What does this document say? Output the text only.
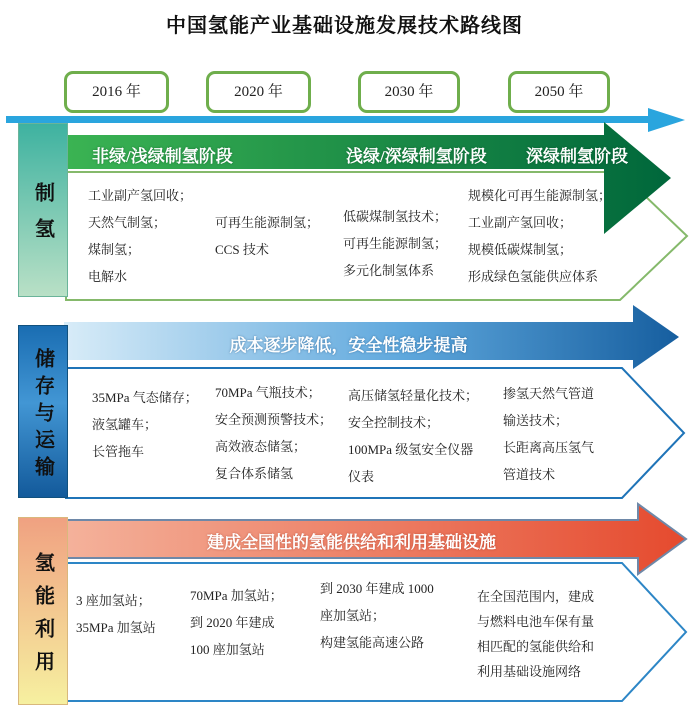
中国氢能产业基础设施发展技术路线图
2016 年	2020 年	2030 年	2050 年
制氢
储存与运输
氢能利用
非绿/浅绿制氢阶段	浅绿/深绿制氢阶段 深绿制氢阶段
成本逐步降低，安全性稳步提高
建成全国性的氢能供给和利用基础设施
工业副产氢回收；
天然气制氢；
煤制氢；
电解水
可再生能源制氢；
CCS 技术
低碳煤制氢技术；
可再生能源制氢；
多元化制氢体系
规模化可再生能源制氢；
工业副产氢回收；
规模低碳煤制氢；
形成绿色氢能供应体系
35MPa 气态储存；
液氢罐车；
长管拖车
70MPa 气瓶技术；
安全预测预警技术；
高效液态储氢；
复合体系储氢
高压储氢轻量化技术；
安全控制技术；
100MPa 级氢安全仪器
仪表
掺氢天然气管道
输送技术；
长距离高压氢气
管道技术
3 座加氢站；
35MPa 加氢站
70MPa 加氢站；
到 2020 年建成
100 座加氢站
到 2030 年建成 1000
座加氢站；
构建氢能高速公路
在全国范围内，建成
与燃料电池车保有量
相匹配的氢能供给和
利用基础设施网络
